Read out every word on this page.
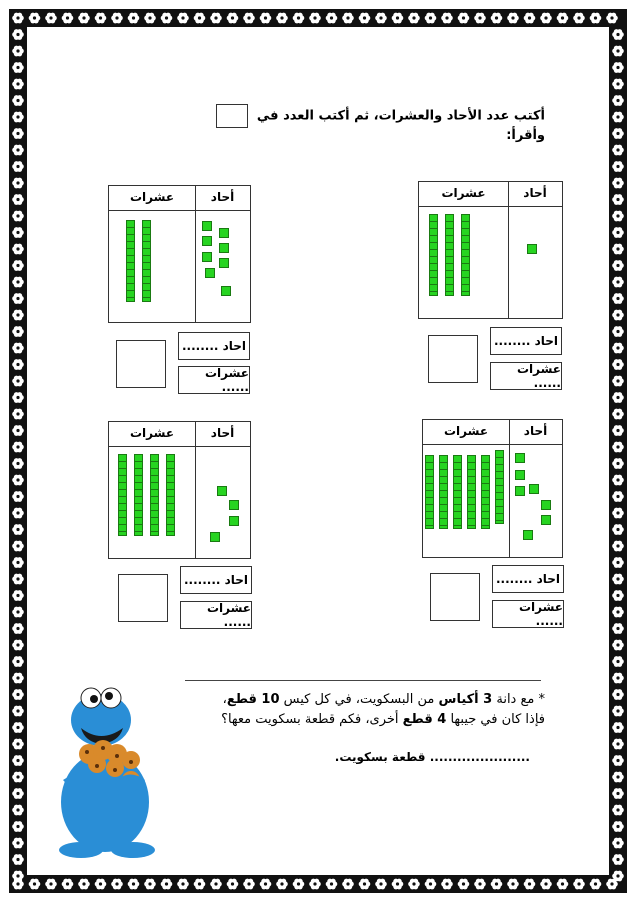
أكتب عدد الأحاد والعشرات، ثم أكتب العدد في  وأقرأ:
عشرات	أحاد
احاد ........
عشرات ......
عشرات	أحاد
احاد ........
عشرات ......
عشرات	أحاد
احاد ........
عشرات ......
عشرات	أحاد
احاد ........
عشرات ......
* مع دانة 3 أكياس من البسكويت، في كل كيس 10 قطع، فإذا كان في جيبها 4 قطع أخرى، فكم قطعة بسكويت معها؟
...................... قطعة بسكويت.
